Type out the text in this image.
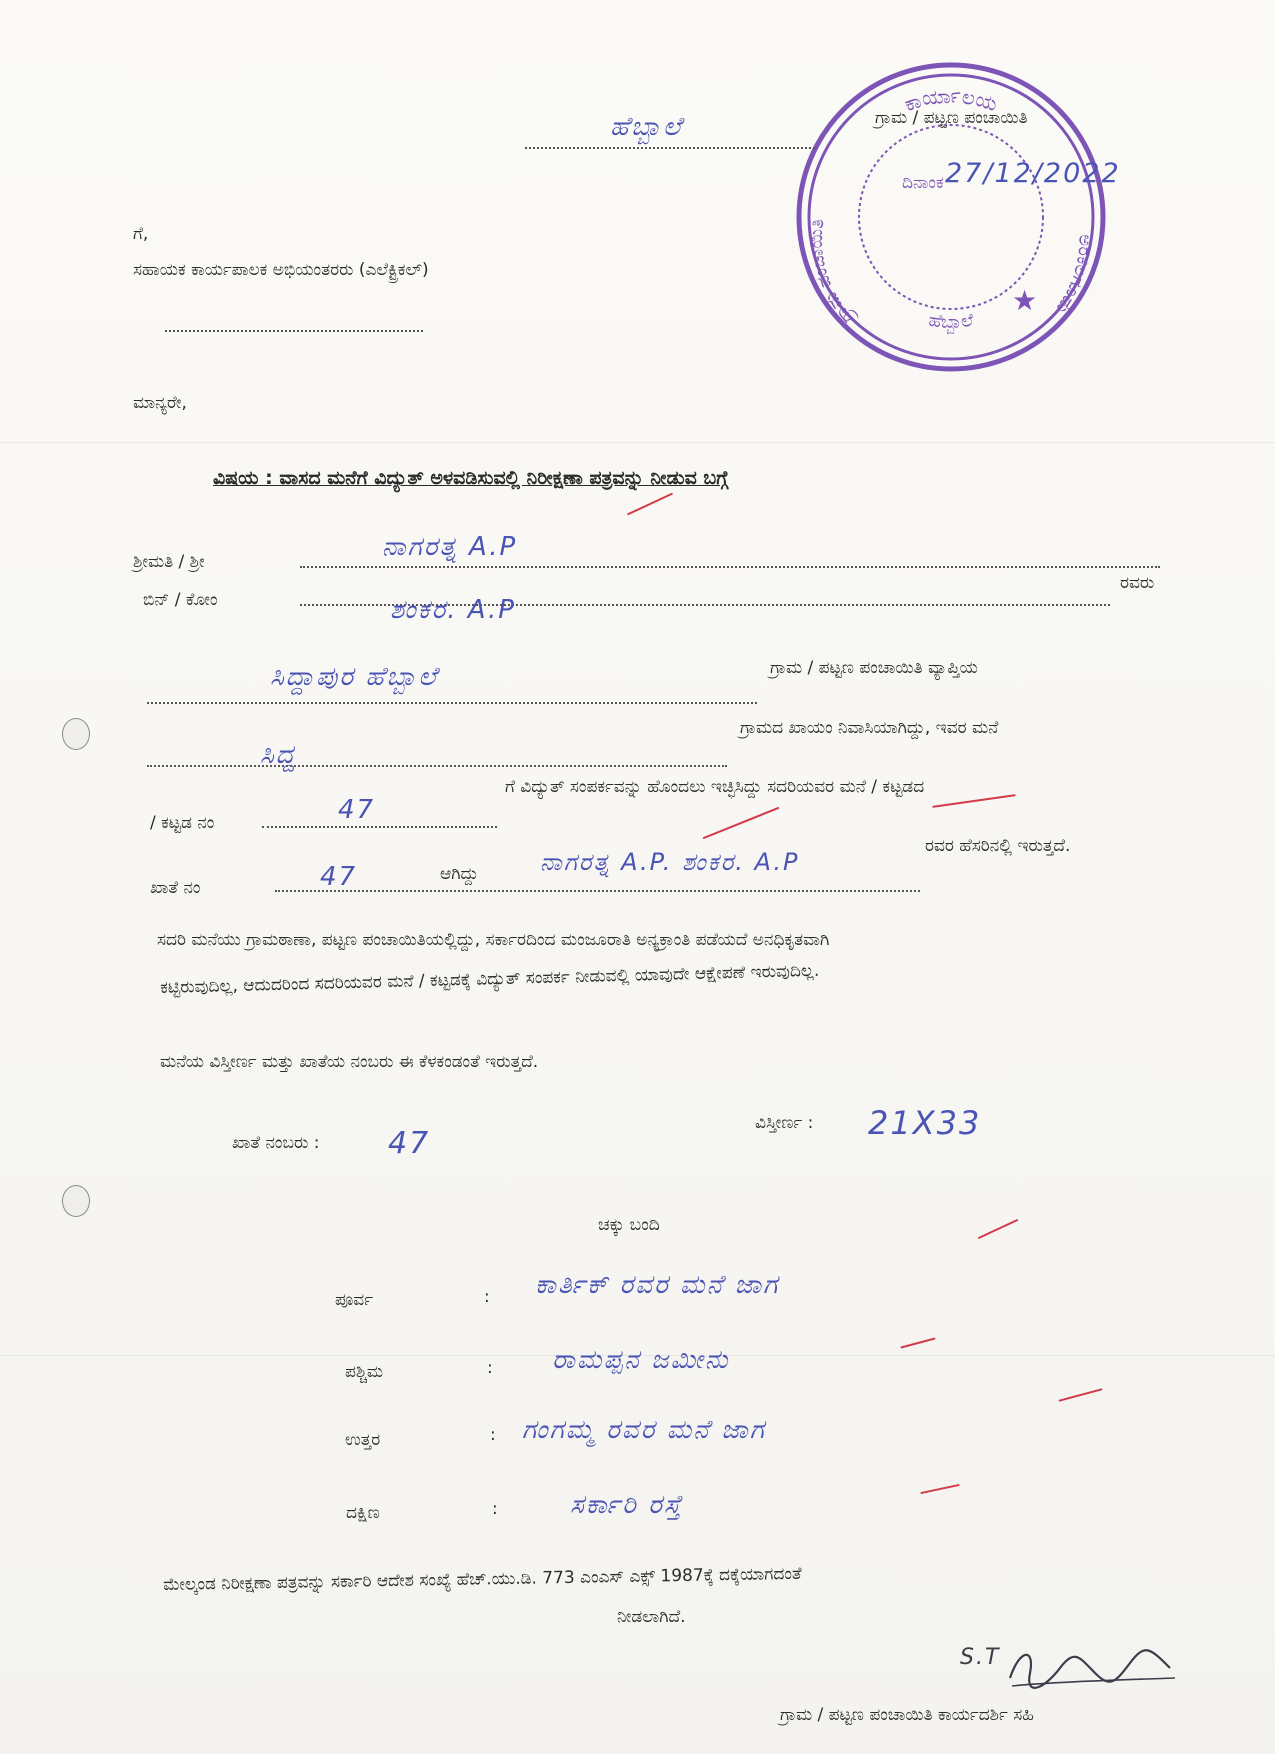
ಕಾರ್ಯಾಲಯ
ಗ್ರಾಮ ಪಂಚಾಯಿತಿ
ಅರಕಲಗೂಡು
ಹೆಬ್ಬಾಲೆ
ದಿನಾಂಕ
★
ಹೆಬ್ಬಾಲೆ	ಗ್ರಾಮ / ಪಟ್ಟಣ ಪಂಚಾಯಿತಿ
27/12/2022
ಗೆ,
ಸಹಾಯಕ ಕಾರ್ಯಪಾಲಕ ಅಭಿಯಂತರರು (ಎಲೆಕ್ಟ್ರಿಕಲ್)
ಮಾನ್ಯರೇ,
ವಿಷಯ : ವಾಸದ ಮನೆಗೆ ವಿದ್ಯುತ್ ಅಳವಡಿಸುವಲ್ಲಿ ನಿರೀಕ್ಷಣಾ ಪತ್ರವನ್ನು ನೀಡುವ ಬಗ್ಗೆ
ಶ್ರೀಮತಿ / ಶ್ರೀ	ನಾಗರತ್ನ A.P
ಬಿನ್ / ಕೋಂ	ಶಂಕರ. A.P
ರವರು
ಸಿದ್ದಾಪುರ ಹೆಬ್ಬಾಲೆ	ಗ್ರಾಮ / ಪಟ್ಟಣ ಪಂಚಾಯಿತಿ ವ್ಯಾಪ್ತಿಯ
ಸಿದ್ದ
ಗ್ರಾಮದ ಖಾಯಂ ನಿವಾಸಿಯಾಗಿದ್ದು, ಇವರ ಮನೆ
/ ಕಟ್ಟಡ ನಂ	47
ಗೆ ವಿದ್ಯುತ್ ಸಂಪರ್ಕವನ್ನು ಹೊಂದಲು ಇಚ್ಛಿಸಿದ್ದು ಸದರಿಯವರ ಮನೆ / ಕಟ್ಟಡದ
ಖಾತೆ ನಂ	47	ಆಗಿದ್ದು	ನಾಗರತ್ನ A.P. ಶಂಕರ. A.P
ರವರ ಹೆಸರಿನಲ್ಲಿ ಇರುತ್ತದೆ.
ಸದರಿ ಮನೆಯು ಗ್ರಾಮಠಾಣಾ, ಪಟ್ಟಣ ಪಂಚಾಯಿತಿಯಲ್ಲಿದ್ದು, ಸರ್ಕಾರದಿಂದ ಮಂಜೂರಾತಿ ಅನ್ಯಕ್ರಾಂತಿ ಪಡೆಯದೆ ಅನಧಿಕೃತವಾಗಿ
ಕಟ್ಟಿರುವುದಿಲ್ಲ, ಆದುದರಿಂದ ಸದರಿಯವರ ಮನೆ / ಕಟ್ಟಡಕ್ಕೆ ವಿದ್ಯುತ್ ಸಂಪರ್ಕ ನೀಡುವಲ್ಲಿ ಯಾವುದೇ ಆಕ್ಷೇಪಣೆ ಇರುವುದಿಲ್ಲ.
ಮನೆಯ ವಿಸ್ತೀರ್ಣ ಮತ್ತು ಖಾತೆಯ ನಂಬರು ಈ ಕೆಳಕಂಡಂತೆ ಇರುತ್ತದೆ.
ಖಾತೆ ನಂಬರು : 47
ವಿಸ್ತೀರ್ಣ : 21X33
ಚಕ್ಕು ಬಂದಿ
ಪೂರ್ವ	: ಕಾರ್ತಿಕ್ ರವರ ಮನೆ ಜಾಗ
ಪಶ್ಚಿಮ	: ರಾಮಪ್ಪನ ಜಮೀನು
ಉತ್ತರ	: ಗಂಗಮ್ಮ ರವರ ಮನೆ ಜಾಗ
ದಕ್ಷಿಣ	:	ಸರ್ಕಾರಿ ರಸ್ತೆ
ಮೇಲ್ಕಂಡ ನಿರೀಕ್ಷಣಾ ಪತ್ರವನ್ನು ಸರ್ಕಾರಿ ಆದೇಶ ಸಂಖ್ಯೆ ಹೆಚ್.ಯು.ಡಿ. 773 ಎಂಎಸ್ ಎಕ್ಸ್ 1987ಕ್ಕೆ ದಕ್ಕೆಯಾಗದಂತೆ
ನೀಡಲಾಗಿದೆ.
S.T
ಗ್ರಾಮ / ಪಟ್ಟಣ ಪಂಚಾಯಿತಿ ಕಾರ್ಯದರ್ಶಿ ಸಹಿ
